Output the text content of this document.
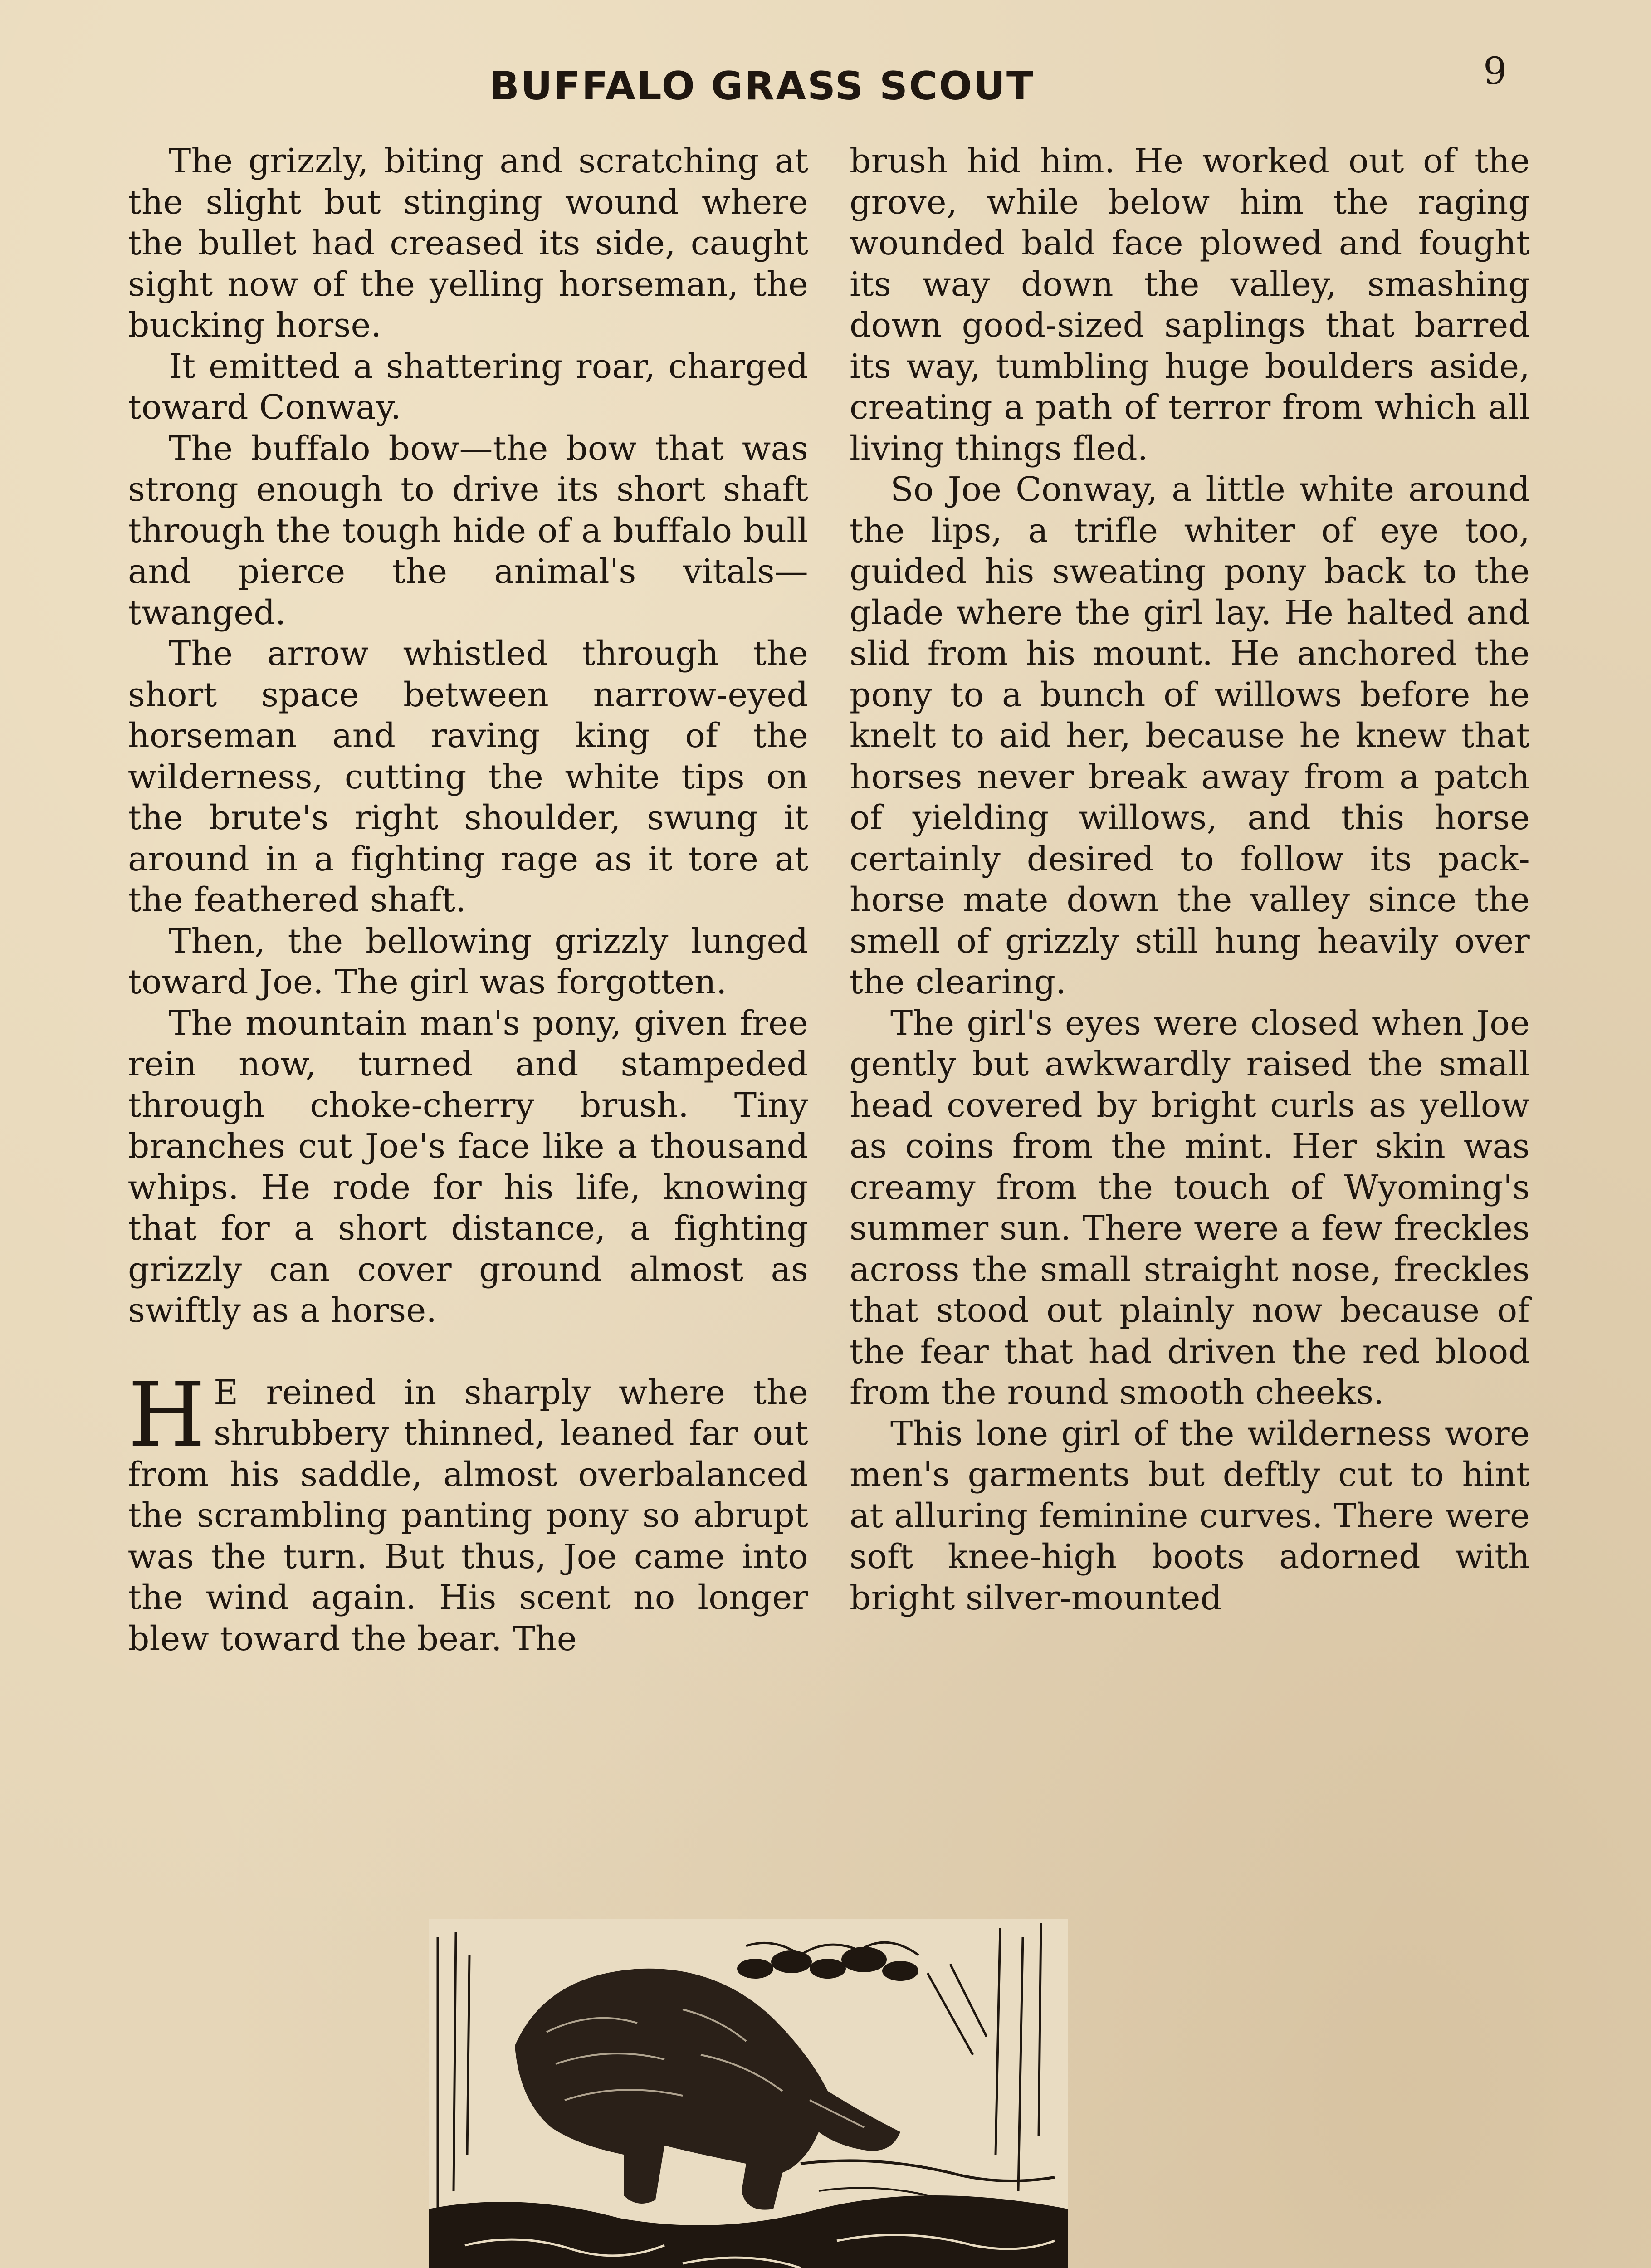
BUFFALO GRASS SCOUT	9

The grizzly, biting and scratching at the slight but stinging wound where the bullet had creased its side, caught sight now of the yelling horseman, the bucking horse.

It emitted a shattering roar, charged toward Conway.

The buffalo bow—the bow that was strong enough to drive its short shaft through the tough hide of a buffalo bull and pierce the animal's vitals—twanged.

The arrow whistled through the short space between narrow-eyed horseman and raving king of the wilderness, cutting the white tips on the brute's right shoulder, swung it around in a fighting rage as it tore at the feathered shaft.

Then, the bellowing grizzly lunged toward Joe. The girl was forgotten.

The mountain man's pony, given free rein now, turned and stampeded through choke-cherry brush. Tiny branches cut Joe's face like a thousand whips. He rode for his life, knowing that for a short distance, a fighting grizzly can cover ground almost as swiftly as a horse.

H E reined in sharply where the shrubbery thinned, leaned far out from his saddle, almost overbalanced the scrambling panting pony so abrupt was the turn. But thus, Joe came into the wind again. His scent no longer blew toward the bear. The

brush hid him. He worked out of the grove, while below him the raging wounded bald face plowed and fought its way down the valley, smashing down good-sized saplings that barred its way, tumbling huge boulders aside, creating a path of terror from which all living things fled.

So Joe Conway, a little white around the lips, a trifle whiter of eye too, guided his sweating pony back to the glade where the girl lay. He halted and slid from his mount. He anchored the pony to a bunch of willows before he knelt to aid her, because he knew that horses never break away from a patch of yielding willows, and this horse certainly desired to follow its pack-horse mate down the valley since the smell of grizzly still hung heavily over the clearing.

The girl's eyes were closed when Joe gently but awkwardly raised the small head covered by bright curls as yellow as coins from the mint. Her skin was creamy from the touch of Wyoming's summer sun. There were a few freckles across the small straight nose, freckles that stood out plainly now because of the fear that had driven the red blood from the round smooth cheeks.

This lone girl of the wilderness wore men's garments but deftly cut to hint at alluring feminine curves. There were soft knee-high boots adorned with bright silver-mounted
